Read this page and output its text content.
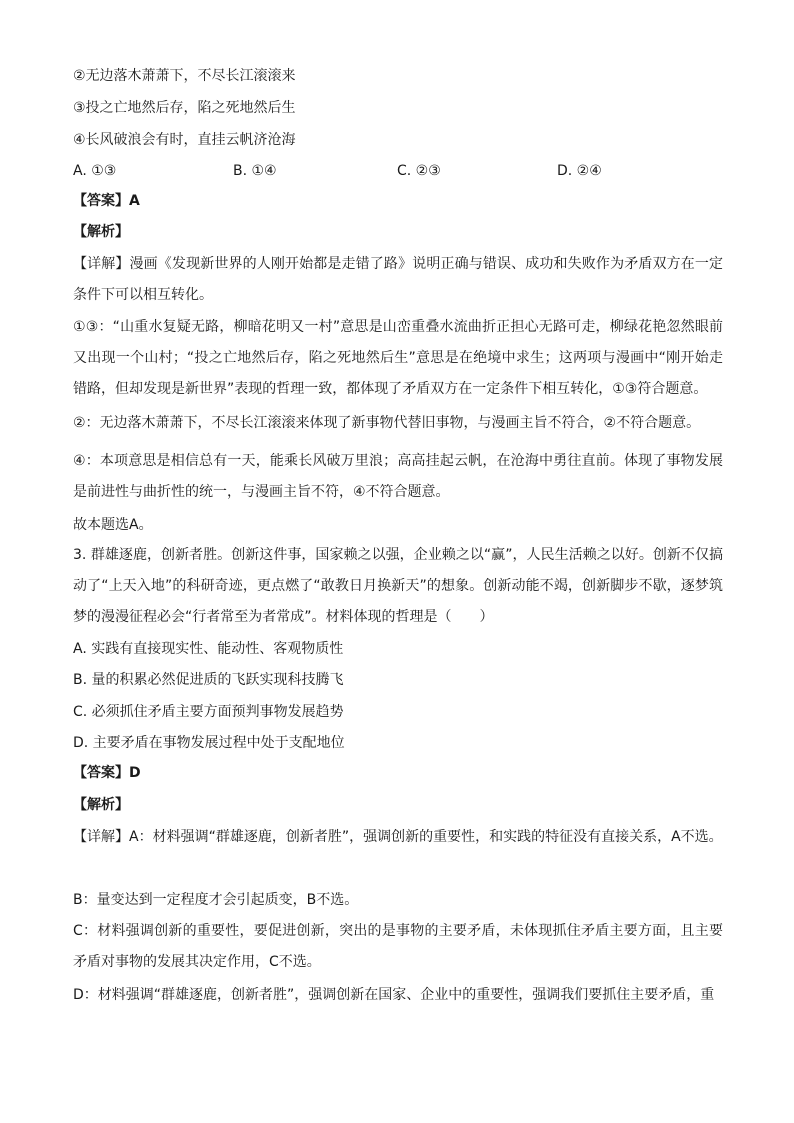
②无边落木萧萧下，不尽长江滚滚来
③投之亡地然后存，陷之死地然后生
④长风破浪会有时，直挂云帆济沧海
A. ①③	B. ①④	C. ②③	D. ②④
【答案】A
【解析】
【详解】漫画《发现新世界的人刚开始都是走错了路》说明正确与错误、成功和失败作为矛盾双方在一定条件下可以相互转化。
①③：“山重水复疑无路，柳暗花明又一村”意思是山峦重叠水流曲折正担心无路可走，柳绿花艳忽然眼前又出现一个山村；“投之亡地然后存，陷之死地然后生”意思是在绝境中求生；这两项与漫画中“刚开始走错路，但却发现是新世界”表现的哲理一致，都体现了矛盾双方在一定条件下相互转化，①③符合题意。
②：无边落木萧萧下，不尽长江滚滚来体现了新事物代替旧事物，与漫画主旨不符合，②不符合题意。
④：本项意思是相信总有一天，能乘长风破万里浪；高高挂起云帆，在沧海中勇往直前。体现了事物发展是前进性与曲折性的统一，与漫画主旨不符，④不符合题意。
故本题选A。
3. 群雄逐鹿，创新者胜。创新这件事，国家赖之以强，企业赖之以“赢”，人民生活赖之以好。创新不仅搞动了“上天入地”的科研奇迹，更点燃了“敢教日月换新天”的想象。创新动能不竭，创新脚步不歇，逐梦筑梦的漫漫征程必会“行者常至为者常成”。材料体现的哲理是（　　）
A. 实践有直接现实性、能动性、客观物质性
B. 量的积累必然促进质的飞跃实现科技腾飞
C. 必须抓住矛盾主要方面预判事物发展趋势
D. 主要矛盾在事物发展过程中处于支配地位
【答案】D
【解析】
【详解】A：材料强调“群雄逐鹿，创新者胜”，强调创新的重要性，和实践的特征没有直接关系，A不选。
B：量变达到一定程度才会引起质变，B不选。
C：材料强调创新的重要性，要促进创新，突出的是事物的主要矛盾，未体现抓住矛盾主要方面，且主要矛盾对事物的发展其决定作用，C不选。
D：材料强调“群雄逐鹿，创新者胜”，强调创新在国家、企业中的重要性，强调我们要抓住主要矛盾，重
